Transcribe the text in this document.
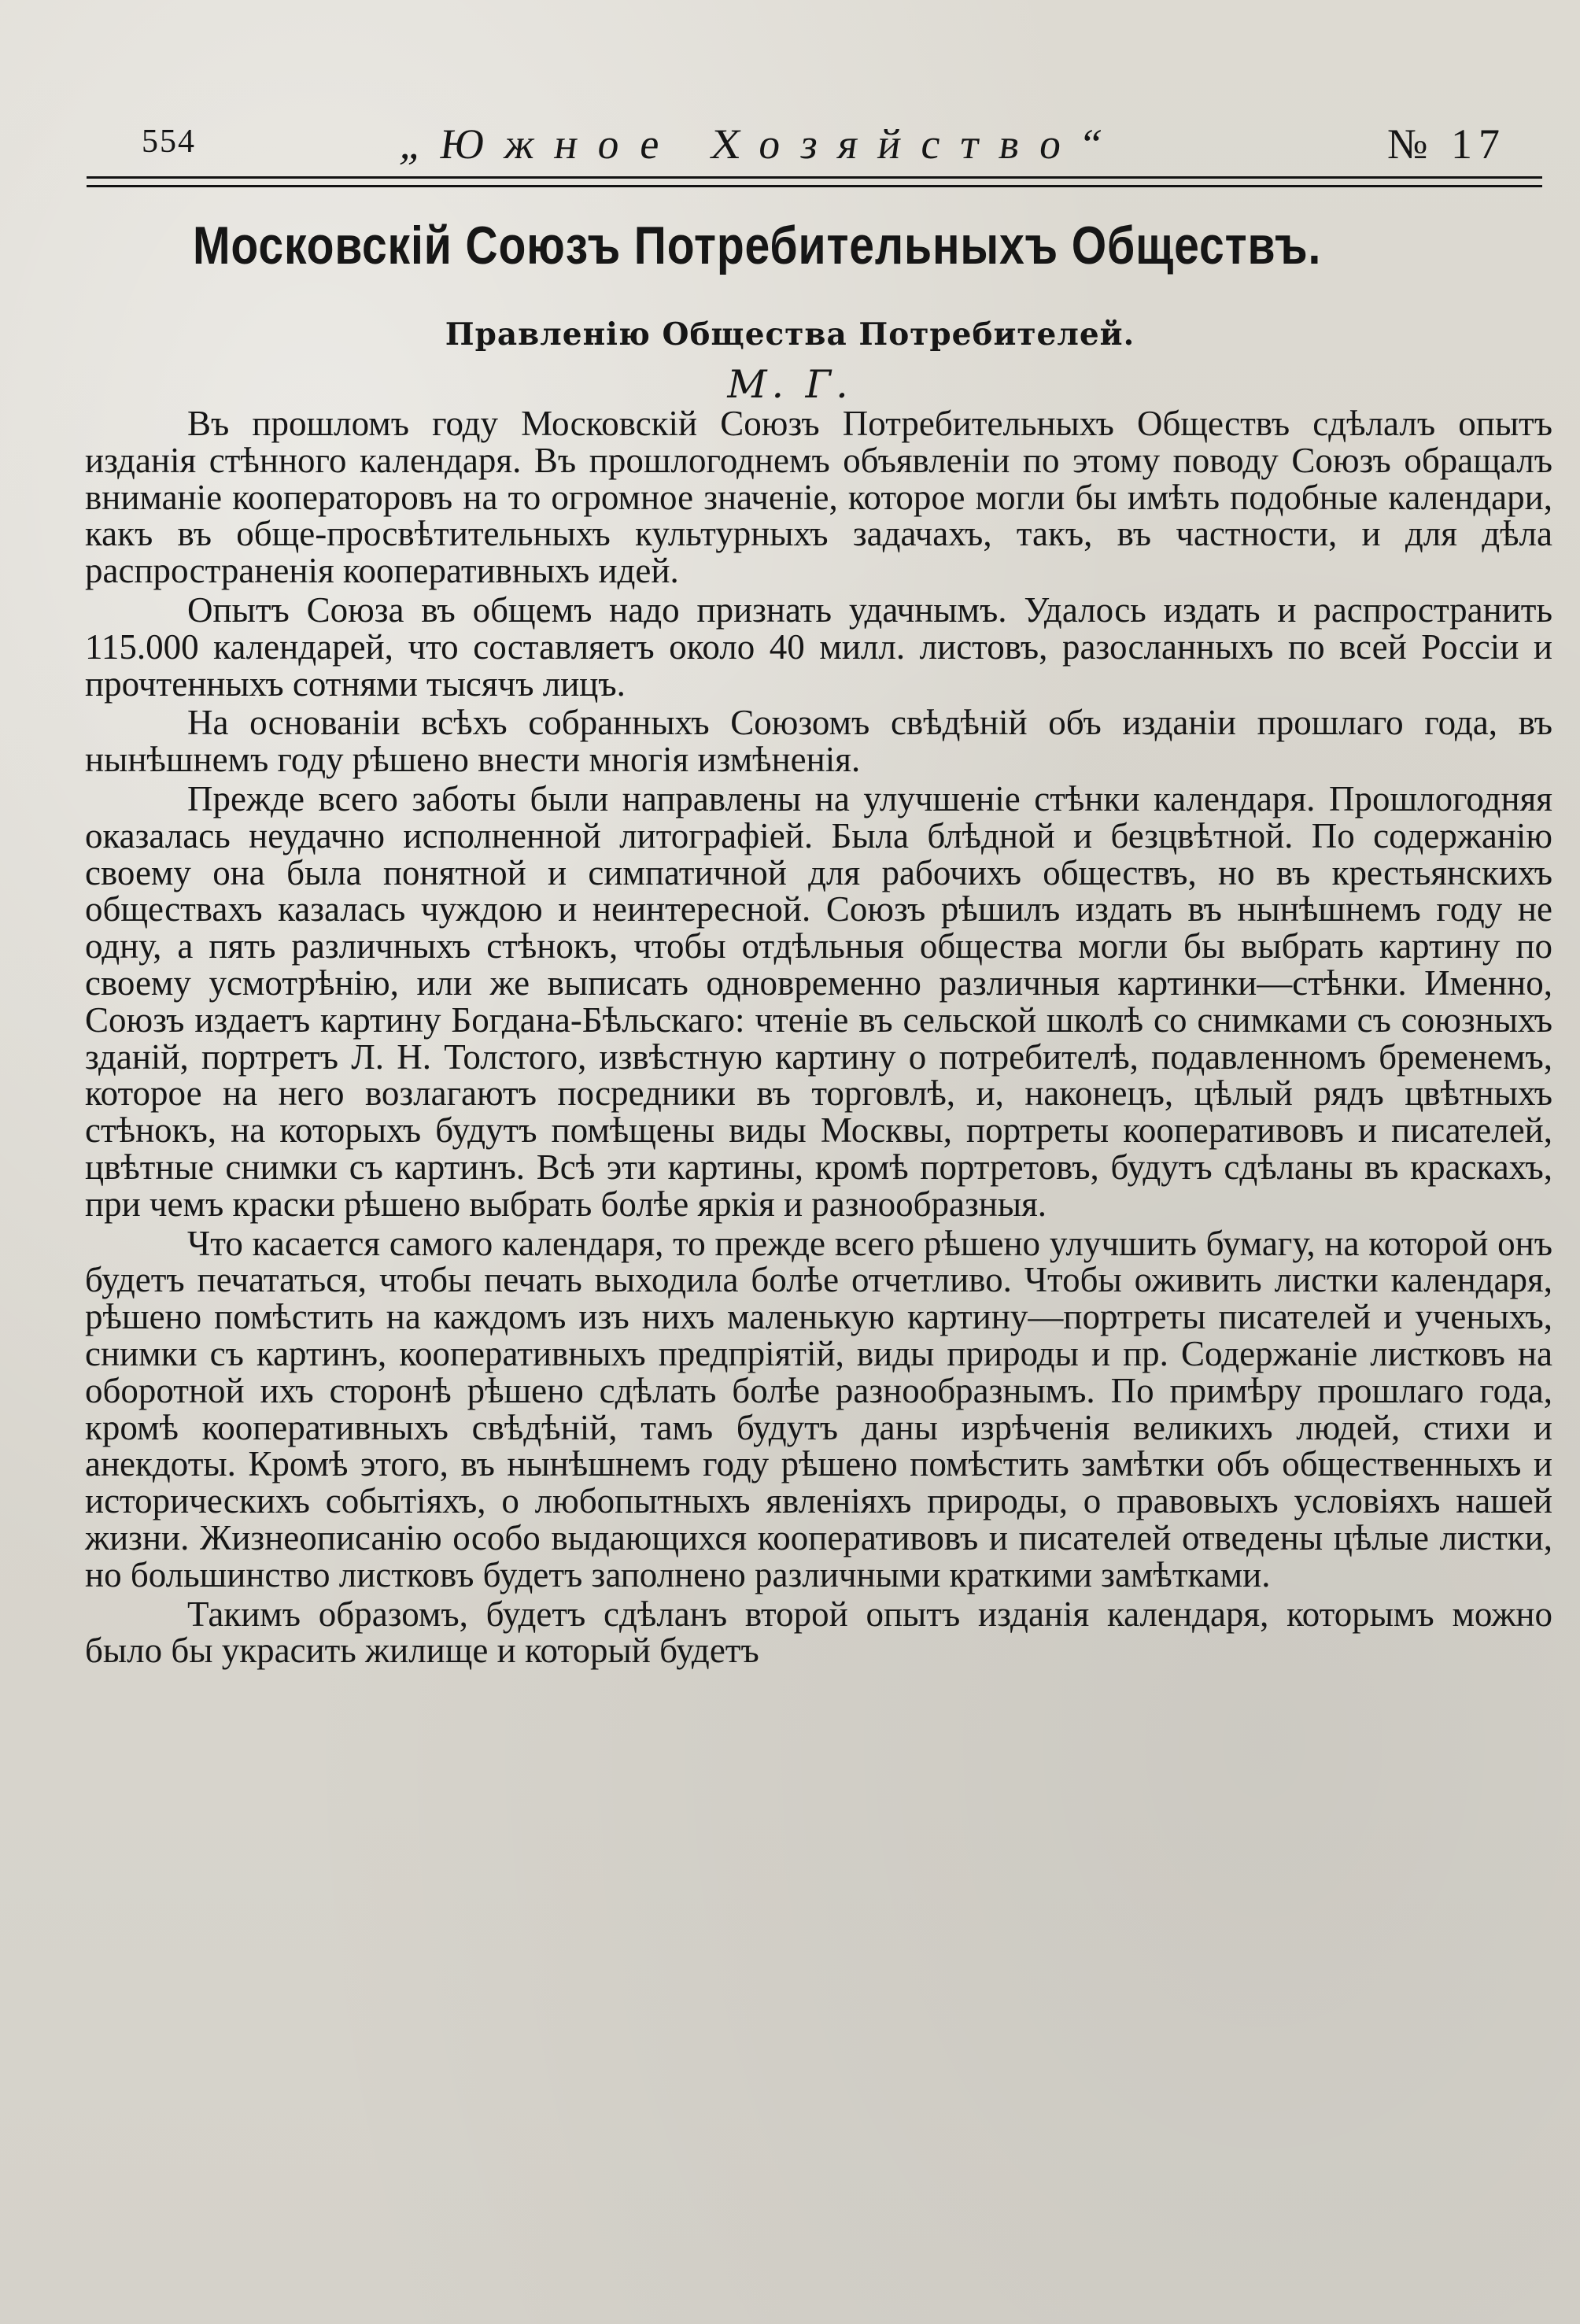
554	„Южное Хозяйство“	№ 17
Московскій Союзъ Потребительныхъ Обществъ.
Правленію Общества Потребителей.
М. Г.

Въ прошломъ году Московскій Союзъ Потребительныхъ Обществъ сдѣлалъ опытъ изданія стѣнного календаря. Въ прошлогоднемъ объявленіи по этому поводу Союзъ обращалъ вниманіе кооператоровъ на то огромное значеніе, которое могли бы имѣть подобные календари, какъ въ обще-просвѣтительныхъ культурныхъ задачахъ, такъ, въ частности, и для дѣла распространенія кооперативныхъ идей.

Опытъ Союза въ общемъ надо признать удачнымъ. Удалось издать и распространить 115.000 календарей, что составляетъ около 40 милл. листовъ, разосланныхъ по всей Россіи и прочтенныхъ сотнями тысячъ лицъ.

На основаніи всѣхъ собранныхъ Союзомъ свѣдѣній объ изданіи прошлаго года, въ нынѣшнемъ году рѣшено внести многія измѣненія.

Прежде всего заботы были направлены на улучшеніе стѣнки календаря. Прошлогодняя оказалась неудачно исполненной литографіей. Была блѣдной и безцвѣтной. По содержанію своему она была понятной и симпатичной для рабочихъ обществъ, но въ крестьянскихъ обществахъ казалась чуждою и неинтересной. Союзъ рѣшилъ издать въ нынѣшнемъ году не одну, а пять различныхъ стѣнокъ, чтобы отдѣльныя общества могли бы выбрать картину по своему усмотрѣнію, или же выписать одновременно различныя картинки—стѣнки. Именно, Союзъ издаетъ картину Богдана-Бѣльскаго: чтеніе въ сельской школѣ со снимками съ союзныхъ зданій, портретъ Л. Н. Толстого, извѣстную картину о потребителѣ, подавленномъ бременемъ, которое на него возлагаютъ посредники въ торговлѣ, и, наконецъ, цѣлый рядъ цвѣтныхъ стѣнокъ, на которыхъ будутъ помѣщены виды Москвы, портреты кооперативовъ и писателей, цвѣтные снимки съ картинъ. Всѣ эти картины, кромѣ портретовъ, будутъ сдѣланы въ краскахъ, при чемъ краски рѣшено выбрать болѣе яркія и разнообразныя.

Что касается самого календаря, то прежде всего рѣшено улучшить бумагу, на которой онъ будетъ печататься, чтобы печать выходила болѣе отчетливо. Чтобы оживить листки календаря, рѣшено помѣстить на каждомъ изъ нихъ маленькую картину—портреты писателей и ученыхъ, снимки съ картинъ, кооперативныхъ предпріятій, виды природы и пр. Содержаніе листковъ на оборотной ихъ сторонѣ рѣшено сдѣлать болѣе разнообразнымъ. По примѣру прошлаго года, кромѣ кооперативныхъ свѣдѣній, тамъ будутъ даны изрѣченія великихъ людей, стихи и анекдоты. Кромѣ этого, въ нынѣшнемъ году рѣшено помѣстить замѣтки объ общественныхъ и историческихъ событіяхъ, о любопытныхъ явленіяхъ природы, о правовыхъ условіяхъ нашей жизни. Жизнеописанію особо выдающихся кооперативовъ и писателей отведены цѣлые листки, но большинство листковъ будетъ заполнено различными краткими замѣтками.

Такимъ образомъ, будетъ сдѣланъ второй опытъ изданія календаря, которымъ можно было бы украсить жилище и который будетъ
